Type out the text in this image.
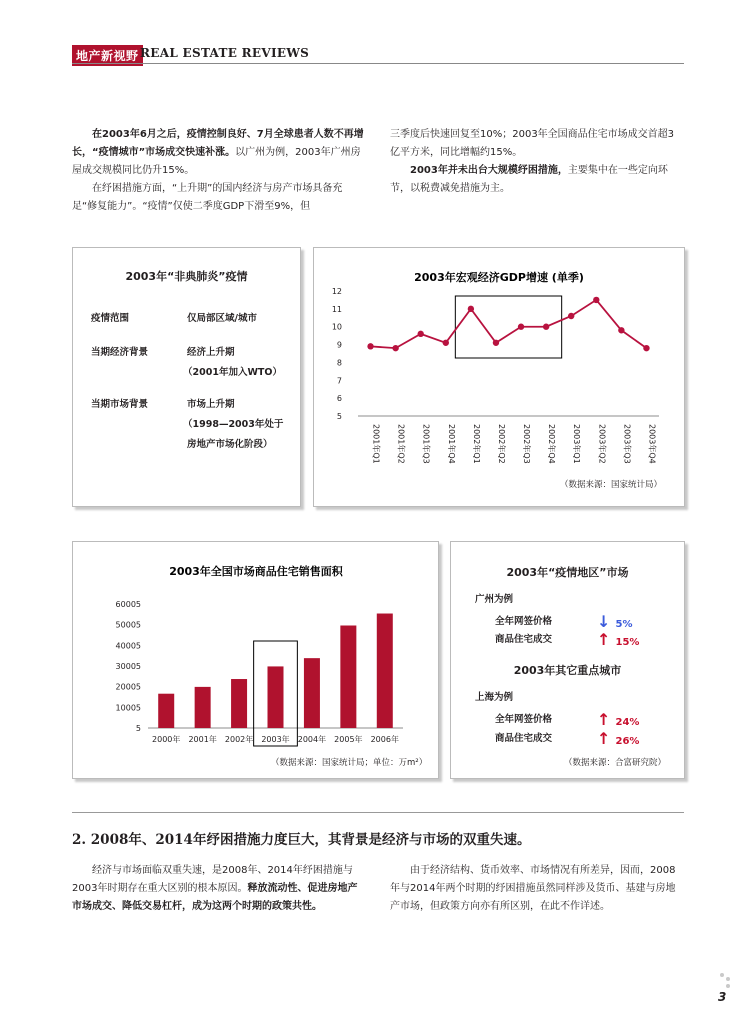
地产新视野 REAL ESTATE REVIEWS
在2003年6月之后，疫情控制良好、7月全球患者人数不再增长，“疫情城市”市场成交快速补涨。以广州为例，2003年广州房屋成交规模同比仍升15%。
在纾困措施方面，“上升期”的国内经济与房产市场具备充足“修复能力”。“疫情”仅使二季度GDP下滑至9%，但
三季度后快速回复至10%；2003年全国商品住宅市场成交首超3亿平方米，同比增幅约15%。
2003年并未出台大规模纾困措施，主要集中在一些定向环节，以税费减免措施为主。
2003年“非典肺炎”疫情
疫情范围	仅局部区域/城市
当期经济背景	经济上升期
（2001年加入WTO）
当期市场背景	市场上升期
（1998—2003年处于
房地产市场化阶段）
2003年宏观经济GDP增速 (单季)
5
6
7
8
9
10
11
12
2001年Q1 2001年Q2 2001年Q3 2001年Q4 2002年Q1 2002年Q2 2002年Q3 2002年Q4 2003年Q1 2003年Q2 2003年Q3 2003年Q4
（数据来源：国家统计局）
2003年全国市场商品住宅销售面积
5
10005
20005
30005
40005
50005
60005
2000年 2001年 2002年 2003年 2004年 2005年 2006年
（数据来源：国家统计局；单位：万m²）
2003年“疫情地区”市场
广州为例
全年网签价格	↓ 5%
商品住宅成交	↑ 15%
2003年其它重点城市
上海为例
全年网签价格	↑ 24%
商品住宅成交	↑ 26%
（数据来源：合富研究院）
2. 2008年、2014年纾困措施力度巨大，其背景是经济与市场的双重失速。
经济与市场面临双重失速，是2008年、2014年纾困措施与2003年时期存在重大区别的根本原因。释放流动性、促进房地产市场成交、降低交易杠杆，成为这两个时期的政策共性。
由于经济结构、货币效率、市场情况有所差异，因而，2008年与2014年两个时期的纾困措施虽然同样涉及货币、基建与房地产市场，但政策方向亦有所区别，在此不作详述。
3
